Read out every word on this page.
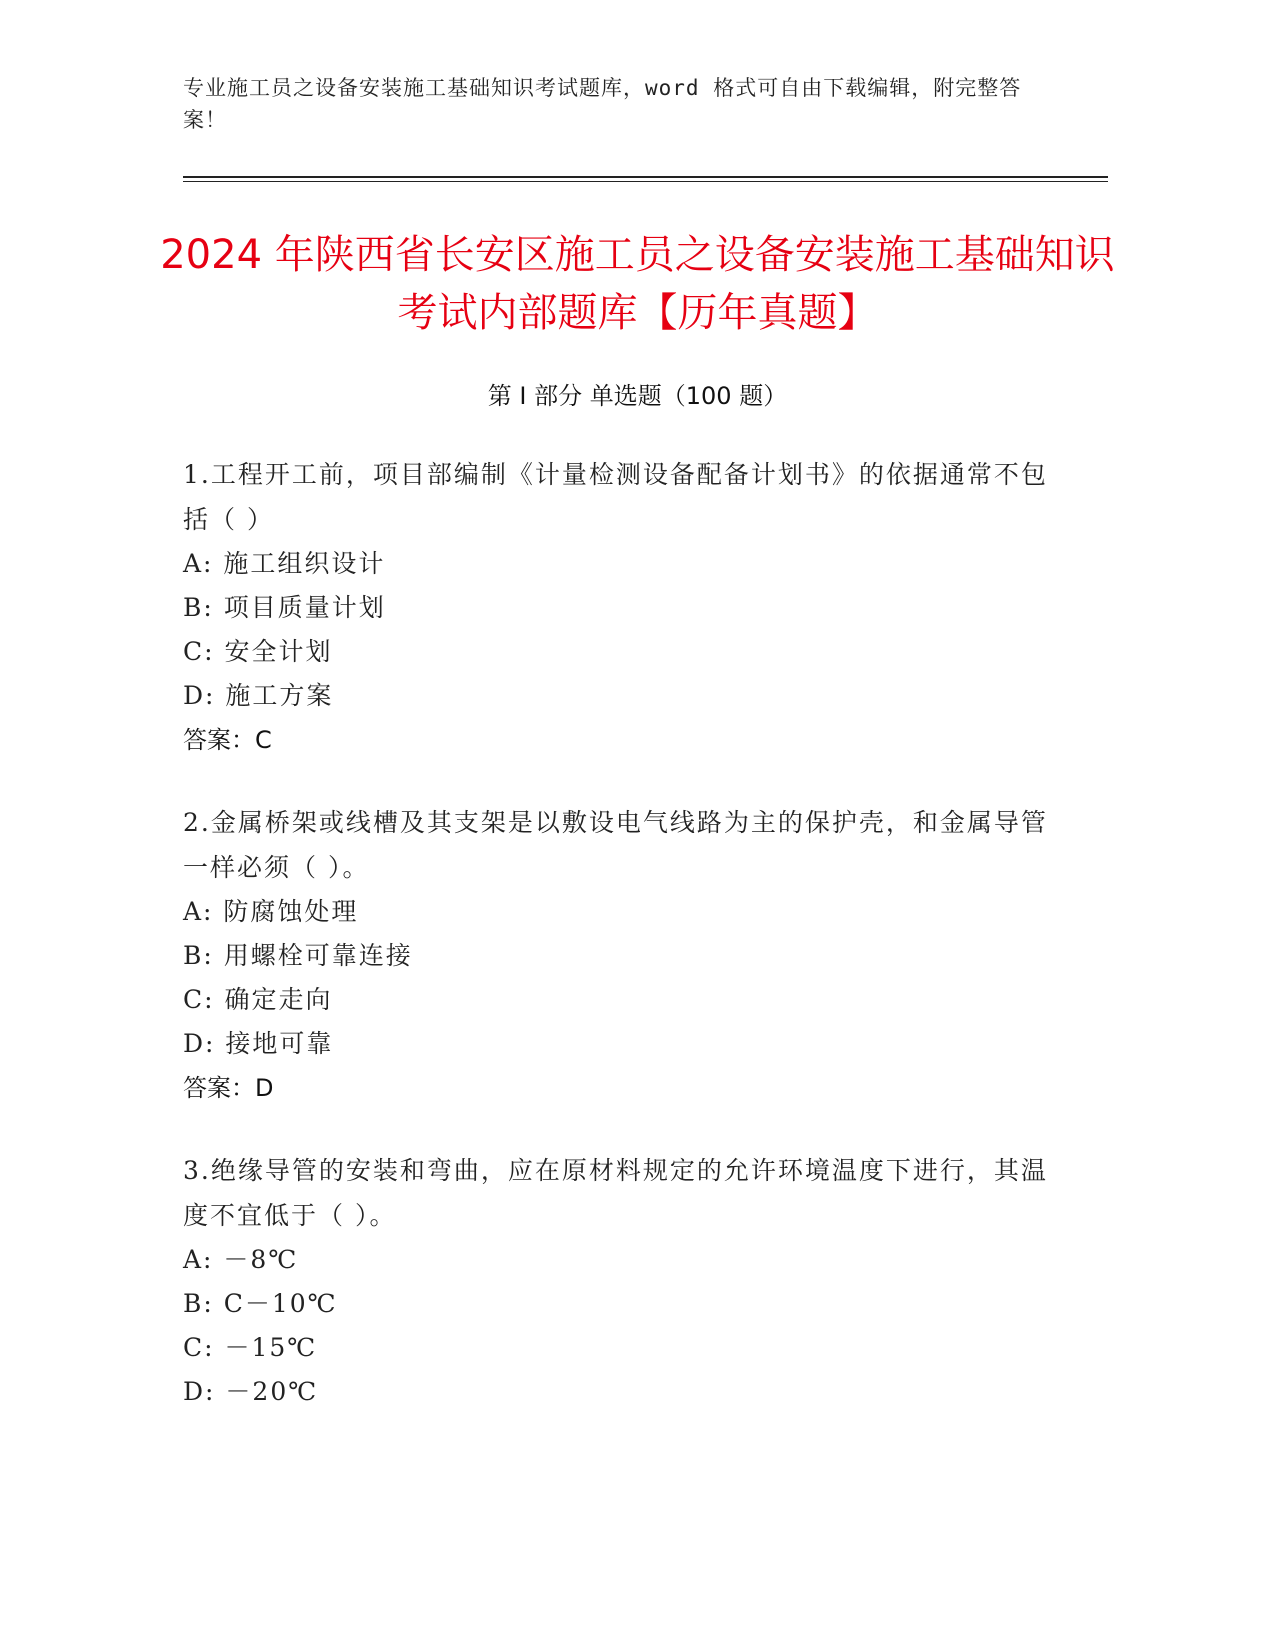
专业施工员之设备安装施工基础知识考试题库，word 格式可自由下载编辑，附完整答案！
2024 年陕西省长安区施工员之设备安装施工基础知识考试内部题库【历年真题】
第 I 部分 单选题（100 题）
1.工程开工前，项目部编制《计量检测设备配备计划书》的依据通常不包括（ ）
A: 施工组织设计
B: 项目质量计划
C: 安全计划
D: 施工方案
答案：C
2.金属桥架或线槽及其支架是以敷设电气线路为主的保护壳，和金属导管一样必须（ ）。
A: 防腐蚀处理
B: 用螺栓可靠连接
C: 确定走向
D: 接地可靠
答案：D
3.绝缘导管的安装和弯曲，应在原材料规定的允许环境温度下进行，其温度不宜低于（ ）。
A: －8℃
B: C－10℃
C: －15℃
D: －20℃
